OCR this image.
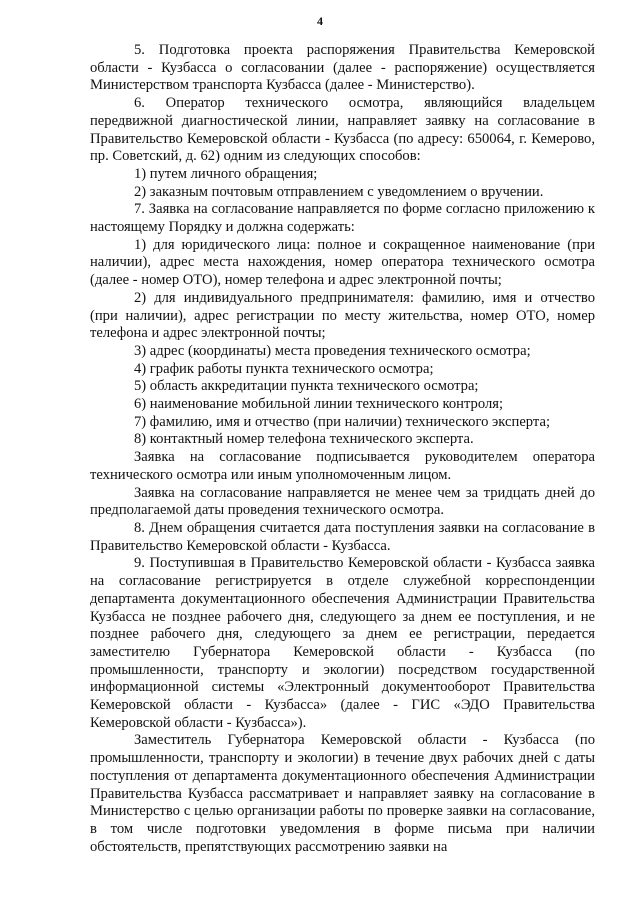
4

5. Подготовка проекта распоряжения Правительства Кемеровской области - Кузбасса о согласовании (далее - распоряжение) осуществляется Министерством транспорта Кузбасса (далее - Министерство).

6. Оператор технического осмотра, являющийся владельцем передвижной диагностической линии, направляет заявку на согласование в Правительство Кемеровской области - Кузбасса (по адресу: 650064, г. Кемерово, пр. Советский, д. 62) одним из следующих способов:

1) путем личного обращения;

2) заказным почтовым отправлением с уведомлением о вручении.

7. Заявка на согласование направляется по форме согласно приложению к настоящему Порядку и должна содержать:

1) для юридического лица: полное и сокращенное наименование (при наличии), адрес места нахождения, номер оператора технического осмотра (далее - номер ОТО), номер телефона и адрес электронной почты;

2) для индивидуального предпринимателя: фамилию, имя и отчество (при наличии), адрес регистрации по месту жительства, номер ОТО, номер телефона и адрес электронной почты;

3) адрес (координаты) места проведения технического осмотра;

4) график работы пункта технического осмотра;

5) область аккредитации пункта технического осмотра;

6) наименование мобильной линии технического контроля;

7) фамилию, имя и отчество (при наличии) технического эксперта;

8) контактный номер телефона технического эксперта.

Заявка на согласование подписывается руководителем оператора технического осмотра или иным уполномоченным лицом.

Заявка на согласование направляется не менее чем за тридцать дней до предполагаемой даты проведения технического осмотра.

8. Днем обращения считается дата поступления заявки на согласование в Правительство Кемеровской области - Кузбасса.

9. Поступившая в Правительство Кемеровской области - Кузбасса заявка на согласование регистрируется в отделе служебной корреспонденции департамента документационного обеспечения Администрации Правительства Кузбасса не позднее рабочего дня, следующего за днем ее поступления, и не позднее рабочего дня, следующего за днем ее регистрации, передается заместителю Губернатора Кемеровской области - Кузбасса (по промышленности, транспорту и экологии) посредством государственной информационной системы «Электронный документооборот Правительства Кемеровской области - Кузбасса» (далее - ГИС «ЭДО Правительства Кемеровской области - Кузбасса»).

Заместитель Губернатора Кемеровской области - Кузбасса (по промышленности, транспорту и экологии) в течение двух рабочих дней с даты поступления от департамента документационного обеспечения Администрации Правительства Кузбасса рассматривает и направляет заявку на согласование в Министерство с целью организации работы по проверке заявки на согласование, в том числе подготовки уведомления в форме письма при наличии обстоятельств, препятствующих рассмотрению заявки на
